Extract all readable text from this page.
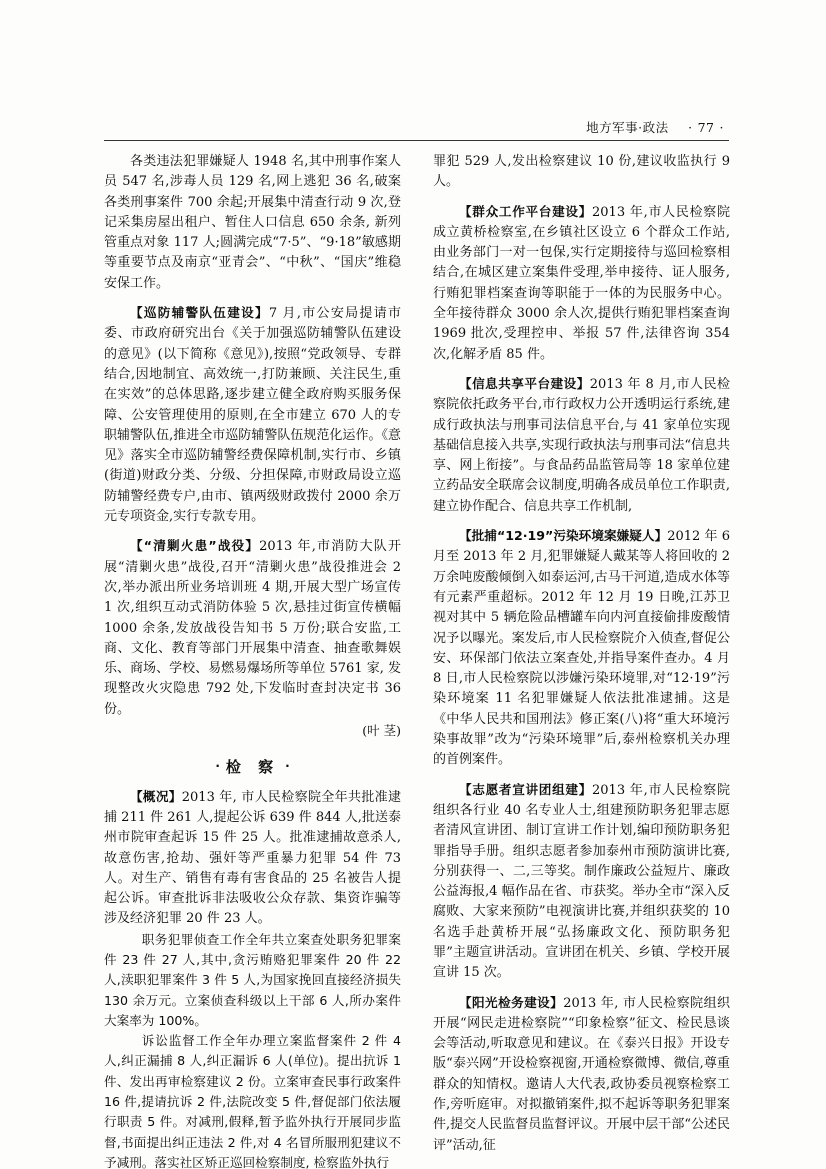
地方军事·政法 · 77 ·

各类违法犯罪嫌疑人 1948 名,其中刑事作案人员 547 名,涉毒人员 129 名,网上逃犯 36 名,破案各类刑事案件 700 余起;开展集中清查行动 9 次,登记采集房屋出租户、暂住人口信息 650 余条, 新列管重点对象 117 人;圆满完成“7·5”、“9·18”敏感期等重要节点及南京“亚青会”、“中秋”、“国庆”维稳安保工作。

【巡防辅警队伍建设】7 月,市公安局提请市委、市政府研究出台《关于加强巡防辅警队伍建设的意见》(以下简称《意见》),按照“党政领导、专群结合,因地制宜、高效统一,打防兼顾、关注民生,重在实效”的总体思路,逐步建立健全政府购买服务保障、公安管理使用的原则,在全市建立 670 人的专职辅警队伍,推进全市巡防辅警队伍规范化运作。《意见》落实全市巡防辅警经费保障机制,实行市、乡镇(街道)财政分类、分级、分担保障,市财政局设立巡防辅警经费专户,由市、镇两级财政拨付 2000 余万元专项资金,实行专款专用。

【“清剿火患”战役】2013 年,市消防大队开展“清剿火患”战役,召开“清剿火患”战役推进会 2 次,举办派出所业务培训班 4 期,开展大型广场宣传 1 次,组织互动式消防体验 5 次,悬挂过街宣传横幅 1000 余条,发放战役告知书 5 万份;联合安监,工商、文化、教育等部门开展集中清查、抽查歌舞娱乐、商场、学校、易燃易爆场所等单位 5761 家, 发现整改火灾隐患 792 处,下发临时查封决定书 36 份。

(叶 茎)

· 检 察 ·

【概况】2013 年, 市人民检察院全年共批准逮捕 211 件 261 人,提起公诉 639 件 844 人,批送泰州市院审查起诉 15 件 25 人。批准逮捕故意杀人,故意伤害,抢劫、强奸等严重暴力犯罪 54 件 73 人。对生产、销售有毒有害食品的 25 名被告人提起公诉。审查批诉非法吸收公众存款、集资诈骗等涉及经济犯罪 20 件 23 人。

职务犯罪侦查工作全年共立案查处职务犯罪案件 23 件 27 人,其中,贪污贿赂犯罪案件 20 件 22 人,渎职犯罪案件 3 件 5 人,为国家挽回直接经济损失 130 余万元。立案侦查科级以上干部 6 人,所办案件大案率为 100%。

诉讼监督工作全年办理立案监督案件 2 件 4 人,纠正漏捕 8 人,纠正漏诉 6 人(单位)。提出抗诉 1 件、发出再审检察建议 2 份。立案审查民事行政案件 16 件,提请抗诉 2 件,法院改变 5 件,督促部门依法履行职责 5 件。对减刑,假释,暂予监外执行开展同步监督,书面提出纠正违法 2 件,对 4 名冒所服刑犯建议不予减刑。落实社区矫正巡回检察制度, 检察监外执行

罪犯 529 人,发出检察建议 10 份,建议收监执行 9 人。

【群众工作平台建设】2013 年,市人民检察院成立黄桥检察室,在乡镇社区设立 6 个群众工作站,由业务部门一对一包保,实行定期接待与巡回检察相结合,在城区建立案集件受理,举申接待、证人服务,行贿犯罪档案查询等职能于一体的为民服务中心。全年接待群众 3000 余人次,提供行贿犯罪档案查询 1969 批次,受理控申、举报 57 件,法律咨询 354 次,化解矛盾 85 件。

【信息共享平台建设】2013 年 8 月,市人民检察院依托政务平台,市行政权力公开透明运行系统,建成行政执法与刑事司法信息平台,与 41 家单位实现基础信息接入共享,实现行政执法与刑事司法“信息共享、网上衔接”。与食品药品监管局等 18 家单位建立药品安全联席会议制度,明确各成员单位工作职责,建立协作配合、信息共享工作机制,

【批捕“12·19”污染环境案嫌疑人】2012 年 6 月至 2013 年 2 月,犯罪嫌疑人戴某等人将回收的 2 万余吨废酸倾倒入如泰运河,古马干河道,造成水体等有元素严重超标。2012 年 12 月 19 日晚,江苏卫视对其中 5 辆危险品槽罐车向内河直接偷排废酸情况予以曝光。案发后,市人民检察院介入侦查,督促公安、环保部门依法立案查处,并指导案件查办。4 月 8 日,市人民检察院以涉嫌污染环境罪,对“12·19”污染环境案 11 名犯罪嫌疑人依法批准逮捕。这是《中华人民共和国刑法》修正案(八)将“重大环境污染事故罪”改为“污染环境罪”后,泰州检察机关办理的首例案件。

【志愿者宣讲团组建】2013 年,市人民检察院组织各行业 40 名专业人士,组建预防职务犯罪志愿者清风宣讲团、制订宣讲工作计划,编印预防职务犯罪指导手册。组织志愿者参加泰州市预防演讲比赛, 分别获得一、二,三等奖。制作廉政公益短片、廉政公益海报,4 幅作品在省、市获奖。举办全市“深入反腐败、大家来预防”电视演讲比赛,并组织获奖的 10 名选手赴黄桥开展“弘扬廉政文化、预防职务犯罪”主题宣讲活动。宣讲团在机关、乡镇、学校开展宣讲 15 次。

【阳光检务建设】2013 年, 市人民检察院组织开展“网民走进检察院”“印象检察”征文、检民恳谈会等活动,听取意见和建议。在《泰兴日报》开设专版“泰兴网”开设检察视窗,开通检察微博、微信,尊重群众的知情权。邀请人大代表,政协委员视察检察工作,旁听庭审。对拟撤销案件,拟不起诉等职务犯罪案件,提交人民监督员监督评议。开展中层干部“公述民评”活动,征
